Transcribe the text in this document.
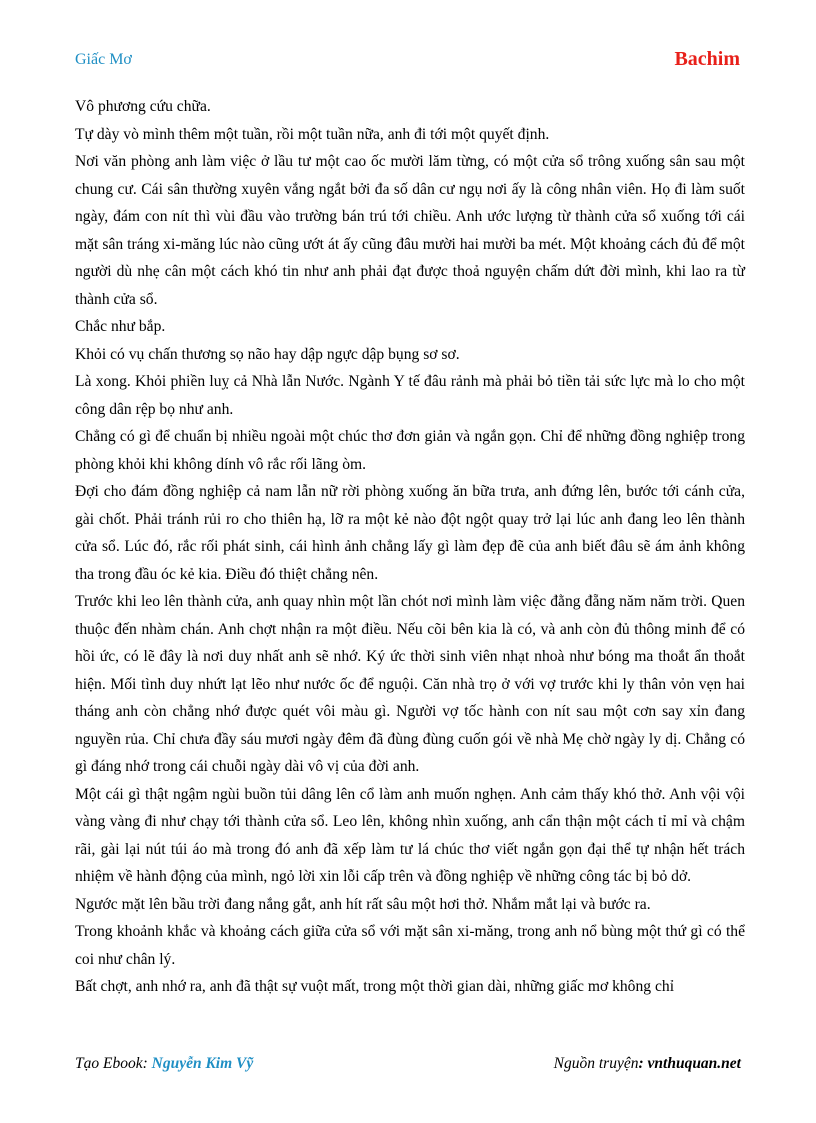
Giấc Mơ	Bachim

Vô phương cứu chữa.

Tự dày vò mình thêm một tuần, rồi một tuần nữa, anh đi tới một quyết định.

Nơi văn phòng anh làm việc ở lầu tư một cao ốc mười lăm từng, có một cửa sổ trông xuống sân sau một chung cư. Cái sân thường xuyên vắng ngắt bởi đa số dân cư ngụ nơi ấy là công nhân viên. Họ đi làm suốt ngày, đám con nít thì vùi đầu vào trường bán trú tới chiều. Anh ước lượng từ thành cửa sổ xuống tới cái mặt sân tráng xi-măng lúc nào cũng ướt át ấy cũng đâu mười hai mười ba mét. Một khoảng cách đủ để một người dù nhẹ cân một cách khó tin như anh phải đạt được thoả nguyện chấm dứt đời mình, khi lao ra từ thành cửa sổ.

Chắc như bắp.

Khỏi có vụ chấn thương sọ não hay dập ngực dập bụng sơ sơ.

Là xong. Khỏi phiền luỵ cả Nhà lẫn Nước. Ngành Y tế đâu rảnh mà phải bỏ tiền tải sức lực mà lo cho một công dân rệp bọ như anh.

Chẳng có gì để chuẩn bị nhiều ngoài một chúc thơ đơn giản và ngắn gọn. Chỉ để những đồng nghiệp trong phòng khỏi khi không dính vô rắc rối lãng òm.

Đợi cho đám đồng nghiệp cả nam lẫn nữ rời phòng xuống ăn bữa trưa, anh đứng lên, bước tới cánh cửa, gài chốt. Phải tránh rủi ro cho thiên hạ, lỡ ra một kẻ nào đột ngột quay trở lại lúc anh đang leo lên thành cửa sổ. Lúc đó, rắc rối phát sinh, cái hình ảnh chẳng lấy gì làm đẹp đẽ của anh biết đâu sẽ ám ảnh không tha trong đầu óc kẻ kia. Điều đó thiệt chẳng nên.

Trước khi leo lên thành cửa, anh quay nhìn một lần chót nơi mình làm việc đằng đẵng năm năm trời. Quen thuộc đến nhàm chán. Anh chợt nhận ra một điều. Nếu cõi bên kia là có, và anh còn đủ thông minh để có hồi ức, có lẽ đây là nơi duy nhất anh sẽ nhớ. Ký ức thời sinh viên nhạt nhoà như bóng ma thoắt ẩn thoắt hiện. Mối tình duy nhứt lạt lẽo như nước ốc để nguội. Căn nhà trọ ở với vợ trước khi ly thân vỏn vẹn hai tháng anh còn chẳng nhớ được quét vôi màu gì. Người vợ tốc hành con nít sau một cơn say xỉn đang nguyền rủa. Chỉ chưa đầy sáu mươi ngày đêm đã đùng đùng cuốn gói về nhà Mẹ chờ ngày ly dị. Chẳng có gì đáng nhớ trong cái chuỗi ngày dài vô vị của đời anh.

Một cái gì thật ngậm ngùi buồn tủi dâng lên cổ làm anh muốn nghẹn. Anh cảm thấy khó thở. Anh vội vội vàng vàng đi như chạy tới thành cửa sổ. Leo lên, không nhìn xuống, anh cẩn thận một cách tỉ mỉ và chậm rãi, gài lại nút túi áo mà trong đó anh đã xếp làm tư lá chúc thơ viết ngắn gọn đại thể tự nhận hết trách nhiệm về hành động của mình, ngỏ lời xin lỗi cấp trên và đồng nghiệp về những công tác bị bỏ dở.

Ngước mặt lên bầu trời đang nắng gắt, anh hít rất sâu một hơi thở. Nhắm mắt lại và bước ra.

Trong khoảnh khắc và khoảng cách giữa cửa sổ với mặt sân xi-măng, trong anh nổ bùng một thứ gì có thể coi như chân lý.

Bất chợt, anh nhớ ra, anh đã thật sự vuột mất, trong một thời gian dài, những giấc mơ không chỉ

Tạo Ebook: Nguyễn Kim Vỹ	Nguồn truyện: vnthuquan.net
